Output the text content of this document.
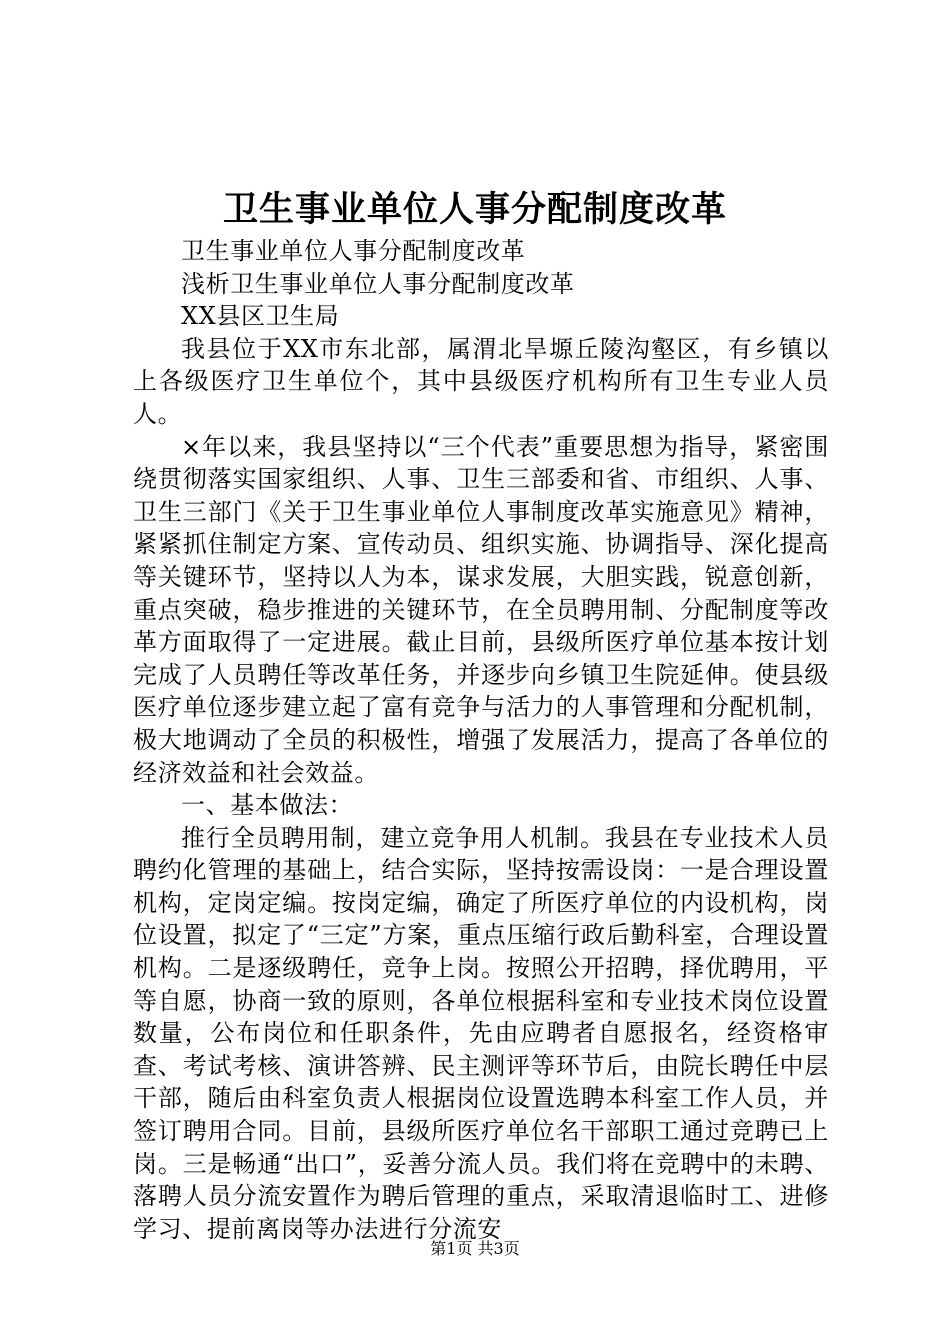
卫生事业单位人事分配制度改革

卫生事业单位人事分配制度改革

浅析卫生事业单位人事分配制度改革

XX县区卫生局

我县位于XX市东北部，属渭北旱塬丘陵沟壑区，有乡镇以上各级医疗卫生单位个，其中县级医疗机构所有卫生专业人员人。

×年以来，我县坚持以“三个代表”重要思想为指导，紧密围绕贯彻落实国家组织、人事、卫生三部委和省、市组织、人事、卫生三部门《关于卫生事业单位人事制度改革实施意见》精神，紧紧抓住制定方案、宣传动员、组织实施、协调指导、深化提高等关键环节，坚持以人为本，谋求发展，大胆实践，锐意创新，重点突破，稳步推进的关键环节，在全员聘用制、分配制度等改革方面取得了一定进展。截止目前，县级所医疗单位基本按计划完成了人员聘任等改革任务，并逐步向乡镇卫生院延伸。使县级医疗单位逐步建立起了富有竞争与活力的人事管理和分配机制，极大地调动了全员的积极性，增强了发展活力，提高了各单位的经济效益和社会效益。

一、基本做法：

推行全员聘用制，建立竞争用人机制。我县在专业技术人员聘约化管理的基础上，结合实际，坚持按需设岗：一是合理设置机构，定岗定编。按岗定编，确定了所医疗单位的内设机构，岗位设置，拟定了“三定”方案，重点压缩行政后勤科室，合理设置机构。二是逐级聘任，竞争上岗。按照公开招聘，择优聘用，平等自愿，协商一致的原则，各单位根据科室和专业技术岗位设置数量，公布岗位和任职条件，先由应聘者自愿报名，经资格审查、考试考核、演讲答辨、民主测评等环节后，由院长聘任中层干部，随后由科室负责人根据岗位设置选聘本科室工作人员，并签订聘用合同。目前，县级所医疗单位名干部职工通过竞聘已上岗。三是畅通“出口”，妥善分流人员。我们将在竞聘中的未聘、落聘人员分流安置作为聘后管理的重点，采取清退临时工、进修学习、提前离岗等办法进行分流安

第1页 共3页
